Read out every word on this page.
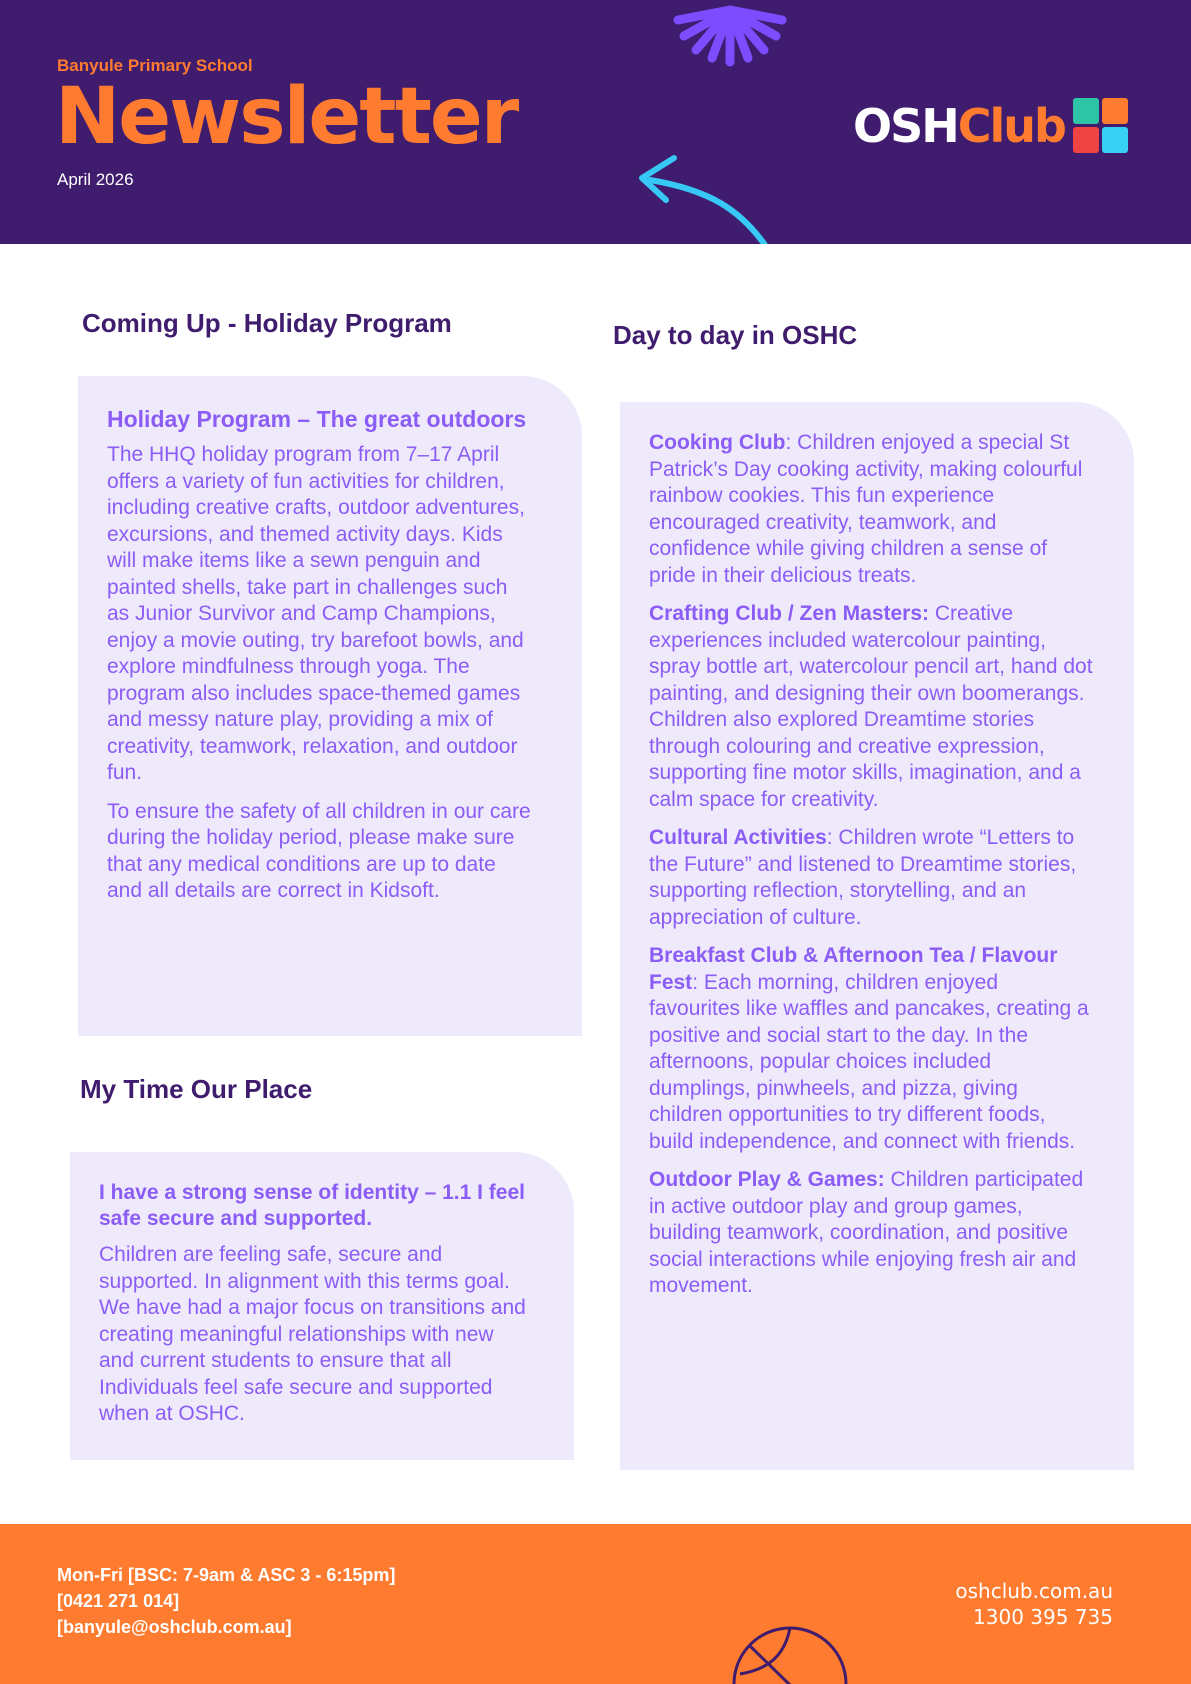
Banyule Primary School
Newsletter
April 2026
OSH Club
Coming Up - Holiday Program
Holiday Program – The great outdoors

The HHQ holiday program from 7–17 April offers a variety of fun activities for children, including creative crafts, outdoor adventures, excursions, and themed activity days. Kids will make items like a sewn penguin and painted shells, take part in challenges such as Junior Survivor and Camp Champions, enjoy a movie outing, try barefoot bowls, and explore mindfulness through yoga. The program also includes space-themed games and messy nature play, providing a mix of creativity, teamwork, relaxation, and outdoor fun.

To ensure the safety of all children in our care during the holiday period, please make sure that any medical conditions are up to date and all details are correct in Kidsoft.

My Time Our Place
I have a strong sense of identity – 1.1 I feel safe secure and supported.

Children are feeling safe, secure and supported. In alignment with this terms goal. We have had a major focus on transitions and creating meaningful relationships with new and current students to ensure that all Individuals feel safe secure and supported when at OSHC.

Day to day in OSHC

Cooking Club: Children enjoyed a special St Patrick’s Day cooking activity, making colourful rainbow cookies. This fun experience encouraged creativity, teamwork, and confidence while giving children a sense of pride in their delicious treats.

Crafting Club / Zen Masters: Creative experiences included watercolour painting, spray bottle art, watercolour pencil art, hand dot painting, and designing their own boomerangs. Children also explored Dreamtime stories through colouring and creative expression, supporting fine motor skills, imagination, and a calm space for creativity.

Cultural Activities: Children wrote “Letters to the Future” and listened to Dreamtime stories, supporting reflection, storytelling, and an appreciation of culture.

Breakfast Club & Afternoon Tea / Flavour Fest: Each morning, children enjoyed favourites like waffles and pancakes, creating a positive and social start to the day. In the afternoons, popular choices included dumplings, pinwheels, and pizza, giving children opportunities to try different foods, build independence, and connect with friends.

Outdoor Play & Games: Children participated in active outdoor play and group games, building teamwork, coordination, and positive social interactions while enjoying fresh air and movement.

Mon-Fri [BSC: 7-9am & ASC 3 - 6:15pm]
[0421 271 014]
[banyule@oshclub.com.au]
oshclub.com.au
1300 395 735
